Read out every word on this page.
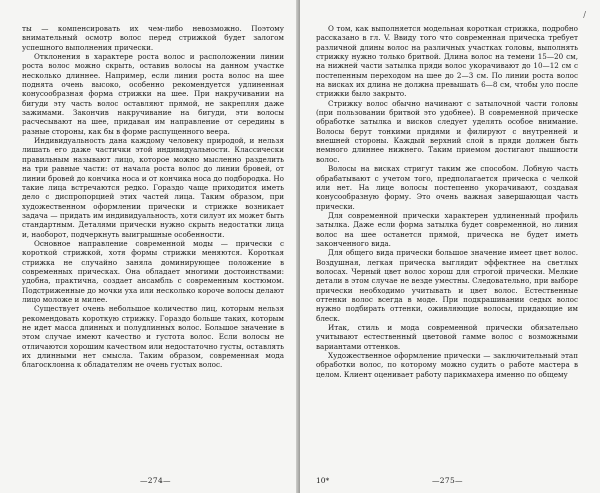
ты — компенсировать их чем-либо невозможно. Поэтому внимательный осмотр волос перед стрижкой будет залогом успешного выполнения прически.

Отклонения в характере роста волос и расположении линии роста волос можно скрыть, оставив волосы на данном участке несколько длиннее. Например, если линия роста волос на шее поднята очень высоко, особенно рекомендуется удлиненная конусообразная форма стрижки на шее. При накручивании на бигуди эту часть волос оставляют прямой, не закрепляя даже зажимами. Закончив накручивание на бигуди, эти волосы расчесывают на шее, придавая им направление от середины в разные стороны, как бы в форме распущенного веера.

Индивидуальность дана каждому человеку природой, и нельзя лишать его даже частички этой индивидуальности. Классически правильным называют лицо, которое можно мысленно разделить на три равные части: от начала роста волос до линии бровей, от линии бровей до кончика носа и от кончика носа до подбородка. Но такие лица встречаются редко. Гораздо чаще приходится иметь дело с диспропорцией этих частей лица. Таким образом, при художественном оформлении прически и стрижке возникает задача — придать им индивидуальность, хотя силуэт их может быть стандартным. Деталями прически нужно скрыть недостатки лица и, наоборот, подчеркнуть выигрышные особенности.

Основное направление современной моды — прически с короткой стрижкой, хотя формы стрижки меняются. Короткая стрижка не случайно заняла доминирующее положение в современных прическах. Она обладает многими достоинствами: удобна, практична, создает ансамбль с современным костюмом. Подстриженные до мочки уха или несколько короче волосы делают лицо моложе и милее.

Существует очень небольшое количество лиц, которым нельзя рекомендовать короткую стрижку. Гораздо больше таких, которым не идет масса длинных и полудлинных волос. Большое значение в этом случае имеют качество и густота волос. Если волосы не отличаются хорошим качеством или недостаточно густы, оставлять их длинными нет смысла. Таким образом, современная мода благосклонна к обладателям не очень густых волос.

—274—
/

О том, как выполняется модельная короткая стрижка, подробно рассказано в гл. V. Ввиду того что современная прическа требует различной длины волос на различных участках головы, выполнять стрижку нужно только бритвой. Длина волос на темени 15—20 см, на нижней части затылка пряди волос укорачивают до 10—12 см с постепенным переходом на шее до 2—3 см. По линии роста волос на висках их длина не должна превышать 6—8 см, чтобы уло после стрижки было закрыто.

Стрижку волос обычно начинают с затылочной части головы (при пользовании бритвой это удобнее). В современной прическе обработке затылка и висков следует уделять особое внимание. Волосы берут тонкими прядями и филируют с внутренней и внешней стороны. Каждый верхний слой в пряди должен быть немного длиннее нижнего. Таким приемом достигают пышности волос.

Волосы на висках стригут таким же способом. Лобную часть обрабатывают с учетом того, предполагается прическа с челкой или нет. На лице волосы постепенно укорачивают, создавая конусообразную форму. Это очень важная завершающая часть прически.

Для современной прически характерен удлиненный профиль затылка. Даже если форма затылка будет современной, но линия волос на шее останется прямой, прическа не будет иметь законченного вида.

Для общего вида прически большое значение имеет цвет волос. Воздушная, легкая прическа выглядит эффектнее на светлых волосах. Черный цвет волос хорош для строгой прически. Мелкие детали в этом случае не везде уместны. Следовательно, при выборе прически необходимо учитывать и цвет волос. Естественные оттенки волос всегда в моде. При подкрашивании седых волос нужно подбирать оттенки, оживляющие волосы, придающие им блеск.

Итак, стиль и мода современной прически обязательно учитывают естественный цветовой гамме волос с возможными вариантами оттенков.

Художественное оформление прически — заключительный этап обработки волос, по которому можно судить о работе мастера в целом. Клиент оценивает работу парикмахера именно по общему

10*	—275—
